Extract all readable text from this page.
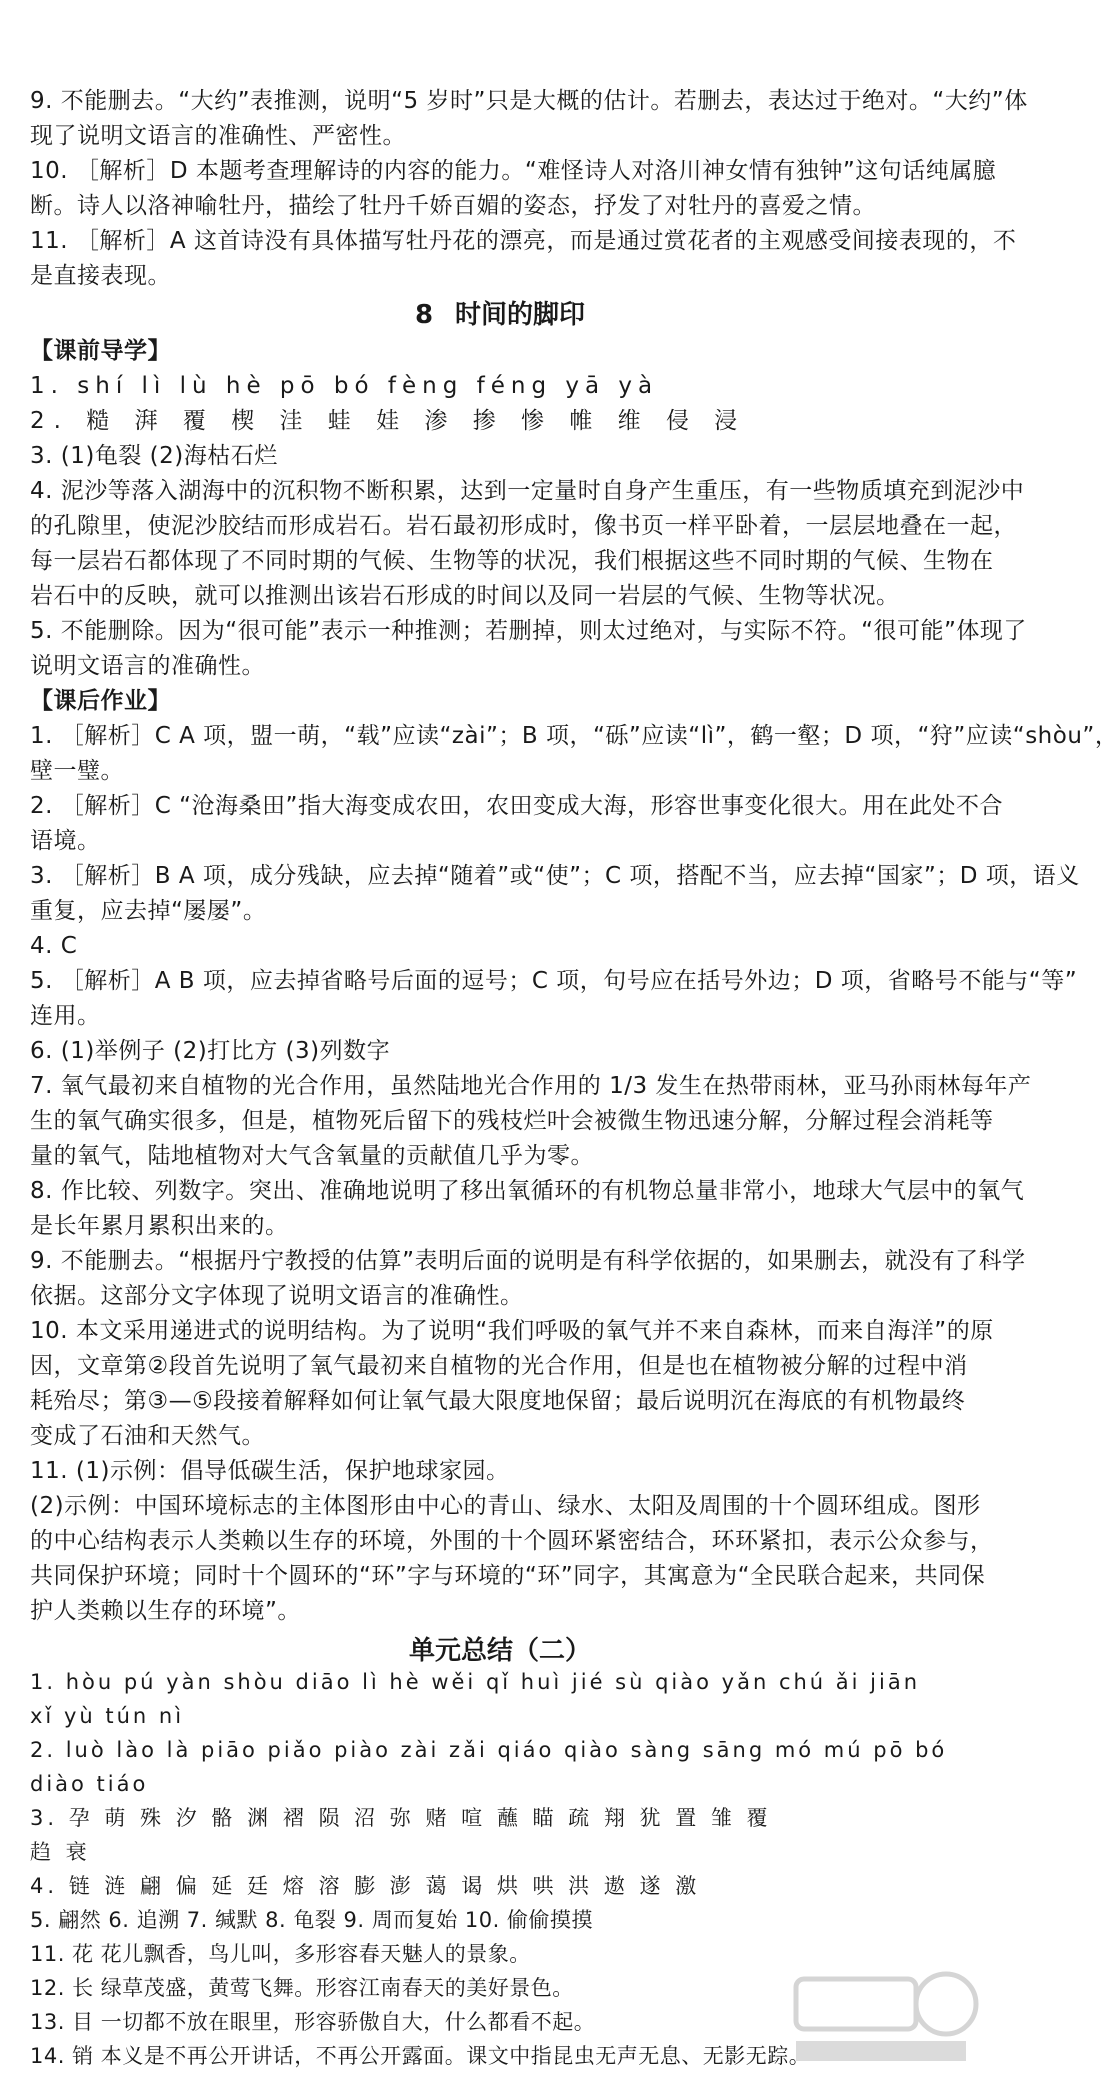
9. 不能删去。“大约”表推测，说明“5 岁时”只是大概的估计。若删去，表达过于绝对。“大约”体
现了说明文语言的准确性、严密性。
10. ［解析］D 本题考查理解诗的内容的能力。“难怪诗人对洛川神女情有独钟”这句话纯属臆
断。诗人以洛神喻牡丹，描绘了牡丹千娇百媚的姿态，抒发了对牡丹的喜爱之情。
11. ［解析］A 这首诗没有具体描写牡丹花的漂亮，而是通过赏花者的主观感受间接表现的，不
是直接表现。
8 时间的脚印
【课前导学】
1. shí lì lù hè pō bó fèng féng yā yà
2. 糙 湃 覆 楔 洼 蛙 娃 渗 掺 惨 帷 维 侵 浸
3. (1)龟裂 (2)海枯石烂
4. 泥沙等落入湖海中的沉积物不断积累，达到一定量时自身产生重压，有一些物质填充到泥沙中
的孔隙里，使泥沙胶结而形成岩石。岩石最初形成时，像书页一样平卧着，一层层地叠在一起，
每一层岩石都体现了不同时期的气候、生物等的状况，我们根据这些不同时期的气候、生物在
岩石中的反映，就可以推测出该岩石形成的时间以及同一岩层的气候、生物等状况。
5. 不能删除。因为“很可能”表示一种推测；若删掉，则太过绝对，与实际不符。“很可能”体现了
说明文语言的准确性。
【课后作业】
1. ［解析］C A 项，盟一萌，“载”应读“zài”；B 项，“砾”应读“lì”，鹤一壑；D 项，“狩”应读“shòu”，
壁一璧。
2. ［解析］C “沧海桑田”指大海变成农田，农田变成大海，形容世事变化很大。用在此处不合
语境。
3. ［解析］B A 项，成分残缺，应去掉“随着”或“使”；C 项，搭配不当，应去掉“国家”；D 项，语义
重复，应去掉“屡屡”。
4. C
5. ［解析］A B 项，应去掉省略号后面的逗号；C 项，句号应在括号外边；D 项，省略号不能与“等”
连用。
6. (1)举例子 (2)打比方 (3)列数字
7. 氧气最初来自植物的光合作用，虽然陆地光合作用的 1/3 发生在热带雨林，亚马孙雨林每年产
生的氧气确实很多，但是，植物死后留下的残枝烂叶会被微生物迅速分解，分解过程会消耗等
量的氧气，陆地植物对大气含氧量的贡献值几乎为零。
8. 作比较、列数字。突出、准确地说明了移出氧循环的有机物总量非常小，地球大气层中的氧气
是长年累月累积出来的。
9. 不能删去。“根据丹宁教授的估算”表明后面的说明是有科学依据的，如果删去，就没有了科学
依据。这部分文字体现了说明文语言的准确性。
10. 本文采用递进式的说明结构。为了说明“我们呼吸的氧气并不来自森林，而来自海洋”的原
因，文章第②段首先说明了氧气最初来自植物的光合作用，但是也在植物被分解的过程中消
耗殆尽；第③—⑤段接着解释如何让氧气最大限度地保留；最后说明沉在海底的有机物最终
变成了石油和天然气。
11. (1)示例：倡导低碳生活，保护地球家园。
(2)示例：中国环境标志的主体图形由中心的青山、绿水、太阳及周围的十个圆环组成。图形
的中心结构表示人类赖以生存的环境，外围的十个圆环紧密结合，环环紧扣，表示公众参与，
共同保护环境；同时十个圆环的“环”字与环境的“环”同字，其寓意为“全民联合起来，共同保
护人类赖以生存的环境”。
单元总结（二）
1. hòu pú yàn shòu diāo lì hè wěi qǐ huì jié sù qiào yǎn chú ǎi jiān
xǐ yù tún nì
2. luò lào là piāo piǎo piào zài zǎi qiáo qiào sàng sāng mó mú pō bó
diào tiáo
3. 孕 萌 殊 汐 骼 渊 褶 陨 沼 弥 赌 喧 蘸 瞄 疏 翔 犹 置 雏 覆
趋 衰
4. 链 涟 翩 偏 延 廷 熔 溶 膨 澎 蔼 谒 烘 哄 洪 遨 遂 激
5. 翩然 6. 追溯 7. 缄默 8. 龟裂 9. 周而复始 10. 偷偷摸摸
11. 花 花儿飘香，鸟儿叫，多形容春天魅人的景象。
12. 长 绿草茂盛，黄莺飞舞。形容江南春天的美好景色。
13. 目 一切都不放在眼里，形容骄傲自大，什么都看不起。
14. 销 本义是不再公开讲话，不再公开露面。课文中指昆虫无声无息、无影无踪。
